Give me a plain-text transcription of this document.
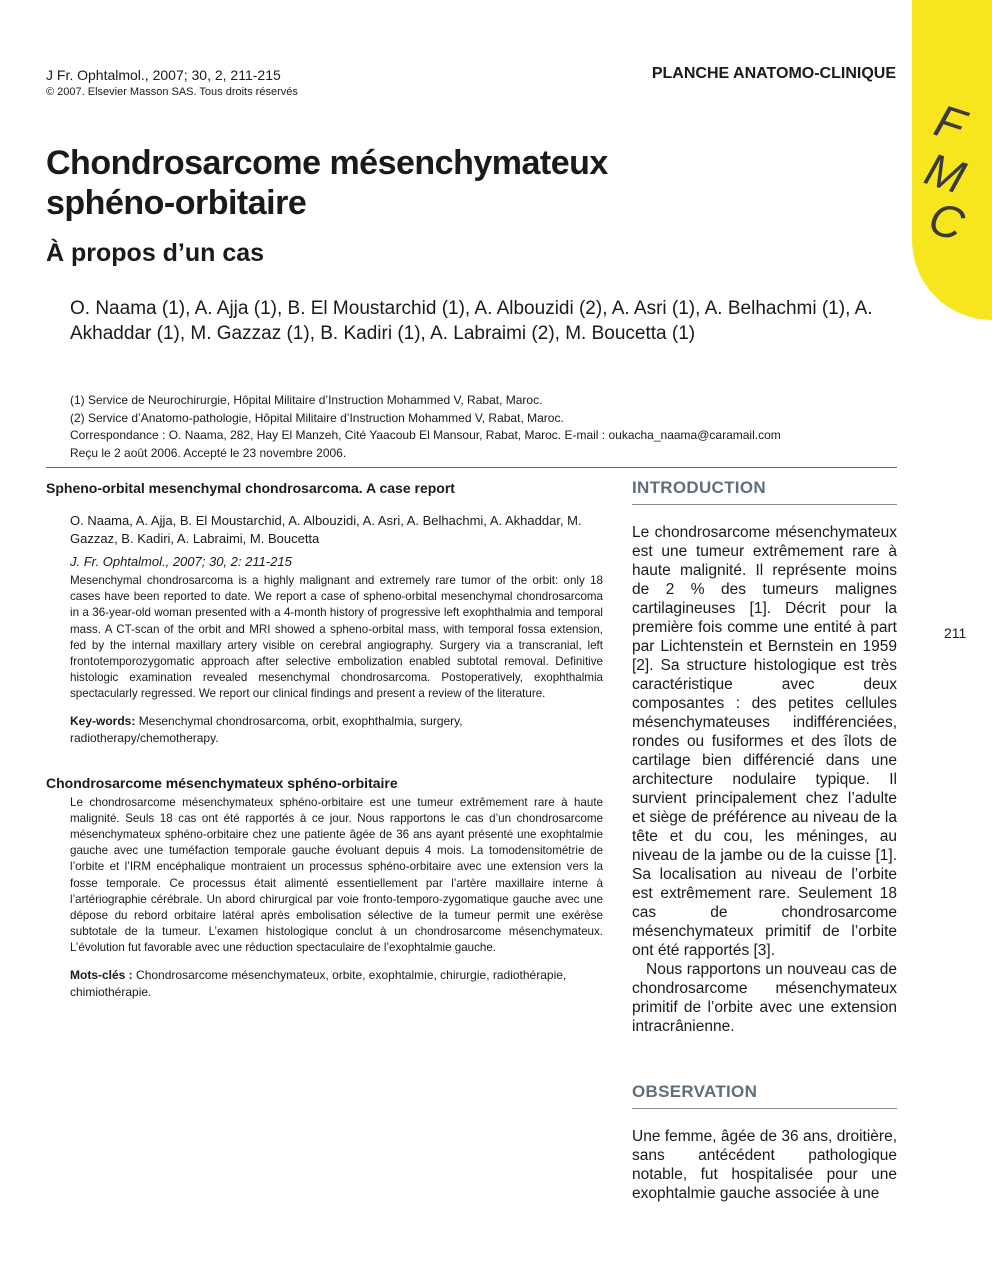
F
M
C
J Fr. Ophtalmol., 2007; 30, 2, 211-215
© 2007. Elsevier Masson SAS. Tous droits réservés
PLANCHE ANATOMO-CLINIQUE
Chondrosarcome mésenchymateux sphéno-orbitaire
À propos d’un cas
O. Naama (1), A. Ajja (1), B. El Moustarchid (1), A. Albouzidi (2), A. Asri (1), A. Belhachmi (1), A. Akhaddar (1), M. Gazzaz (1), B. Kadiri (1), A. Labraimi (2), M. Boucetta (1)
(1) Service de Neurochirurgie, Hôpital Militaire d’Instruction Mohammed V, Rabat, Maroc.
(2) Service d’Anatomo-pathologie, Hôpital Militaire d’Instruction Mohammed V, Rabat, Maroc.
Correspondance : O. Naama, 282, Hay El Manzeh, Cité Yaacoub El Mansour, Rabat, Maroc. E-mail : oukacha_naama@caramail.com
Reçu le 2 août 2006. Accepté le 23 novembre 2006.
Spheno-orbital mesenchymal chondrosarcoma. A case report
O. Naama, A. Ajja, B. El Moustarchid, A. Albouzidi, A. Asri, A. Belhachmi, A. Akhaddar, M. Gazzaz, B. Kadiri, A. Labraimi, M. Boucetta
J. Fr. Ophtalmol., 2007; 30, 2: 211-215

Mesenchymal chondrosarcoma is a highly malignant and extremely rare tumor of the orbit: only 18 cases have been reported to date. We report a case of spheno-orbital mesenchymal chondrosarcoma in a 36-year-old woman presented with a 4-month history of progressive left exophthalmia and temporal mass. A CT-scan of the orbit and MRI showed a spheno-orbital mass, with temporal fossa extension, fed by the internal maxillary artery visible on cerebral angiography. Surgery via a transcranial, left frontotemporozygomatic approach after selective embolization enabled subtotal removal. Definitive histologic examination revealed mesenchymal chondrosarcoma. Postoperatively, exophthalmia spectacularly regressed. We report our clinical findings and present a review of the literature.

Key-words: Mesenchymal chondrosarcoma, orbit, exophthalmia, surgery, radiotherapy/chemotherapy.
Chondrosarcome mésenchymateux sphéno-orbitaire

Le chondrosarcome mésenchymateux sphéno-orbitaire est une tumeur extrêmement rare à haute malignité. Seuls 18 cas ont été rapportés à ce jour. Nous rapportons le cas d’un chondrosarcome mésenchymateux sphéno-orbitaire chez une patiente âgée de 36 ans ayant présenté une exophtalmie gauche avec une tuméfaction temporale gauche évoluant depuis 4 mois. La tomodensitométrie de l’orbite et l’IRM encéphalique montraient un processus sphéno-orbitaire avec une extension vers la fosse temporale. Ce processus était alimenté essentiellement par l’artère maxillaire interne à l’artériographie cérébrale. Un abord chirurgical par voie fronto-temporo-zygomatique gauche avec une dépose du rebord orbitaire latéral après embolisation sélective de la tumeur permit une exérèse subtotale de la tumeur. L’examen histologique conclut à un chondrosarcome mésenchymateux. L’évolution fut favorable avec une réduction spectaculaire de l’exophtalmie gauche.

Mots-clés : Chondrosarcome mésenchymateux, orbite, exophtalmie, chirurgie, radiothérapie, chimiothérapie.
INTRODUCTION

Le chondrosarcome mésenchymateux est une tumeur extrêmement rare à haute malignité. Il représente moins de 2 % des tumeurs malignes cartilagineuses [1]. Décrit pour la première fois comme une entité à part par Lichtenstein et Bernstein en 1959 [2]. Sa structure histologique est très caractéristique avec deux composantes : des petites cellules mésenchymateuses indifférenciées, rondes ou fusiformes et des îlots de cartilage bien différencié dans une architecture nodulaire typique. Il survient principalement chez l’adulte et siège de préférence au niveau de la tête et du cou, les méninges, au niveau de la jambe ou de la cuisse [1]. Sa localisation au niveau de l’orbite est extrêmement rare. Seulement 18 cas de chondrosarcome mésenchymateux primitif de l’orbite ont été rapportés [3].

Nous rapportons un nouveau cas de chondrosarcome mésenchymateux primitif de l’orbite avec une extension intracrânienne.

OBSERVATION

Une femme, âgée de 36 ans, droitière, sans antécédent pathologique notable, fut hospitalisée pour une exophtalmie gauche associée à une

211
